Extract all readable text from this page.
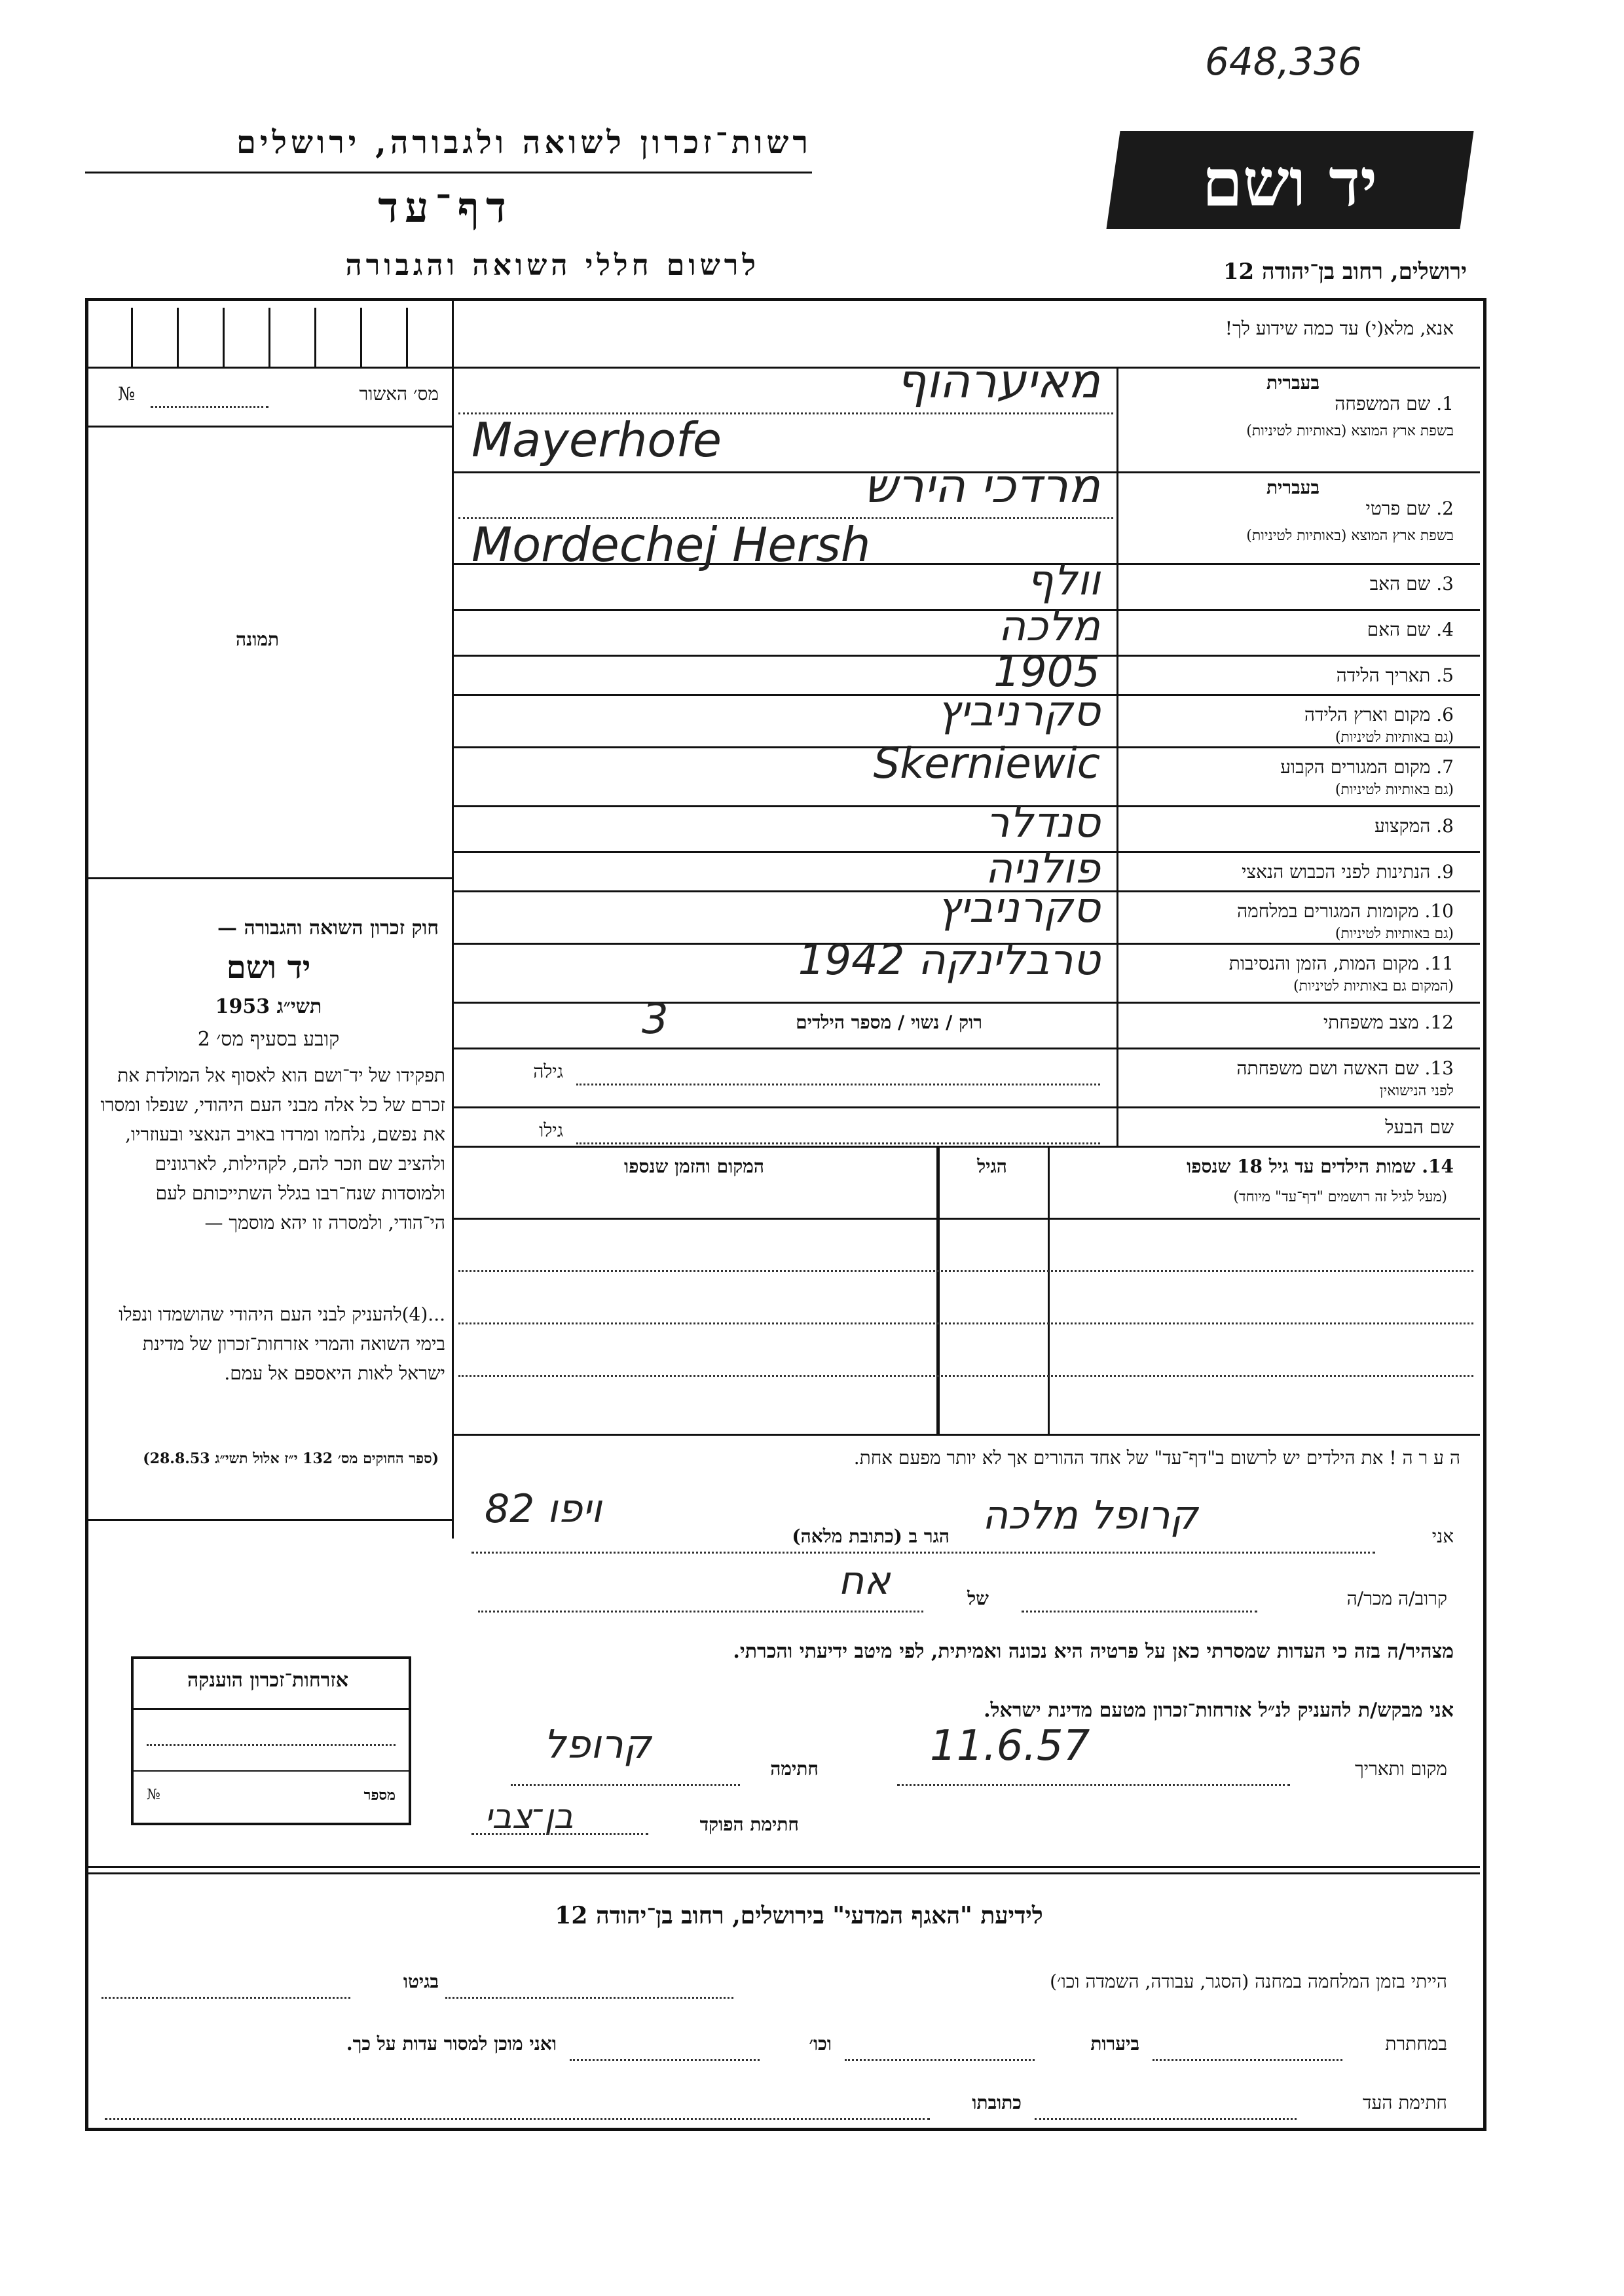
648,336
רשות־זכרון לשואה ולגבורה, ירושלים
דף־עד
לרשום חללי השואה והגבורה
יד ושם
ירושלים, רחוב בן־יהודה 12
מס׳ האשור
№
תמונה
חוק זכרון השואה והגבורה —
יד ושם
תשי״ג 1953
קובע בסעיף מס׳ 2
תפקידו של יד־ושם הוא לאסוף אל המולדת את זכרם של כל אלה מבני העם היהודי, שנפלו ומסרו את נפשם, נלחמו ומרדו באויב הנאצי ובעוזריו, ולהציב שם וזכר להם, לקהילות, לארגונים ולמוסדות שנח־רבו בגלל השתייכותם לעם הי־הודי, ולמסרה זו יהא מוסמך —
...(4)להעניק לבני העם היהודי שהושמדו ונפלו בימי השואה והמרי אזרחות־זכרון של מדינת ישראל לאות היאספם אל עמם.
(ספר החוקים מס׳ 132 י״ז אלול תשי״ג 28.8.53)
אנא, מלא(י) עד כמה שידוע לך!
1. שם המשפחה
בעברית
בשפת ארץ המוצא (באותיות לטיניות)
מאיערהוף
Mayerhofe
2. שם פרטי
בעברית
בשפת ארץ המוצא (באותיות לטיניות)
מרדכי הירש
Mordechej Hersh
3. שם האב
וולף
4. שם האם
מלכה
5. תאריך הלידה
1905
6. מקום וארץ הלידה
(גם באותיות לטיניות)
סקרניביץ
7. מקום המגורים הקבוע
(גם באותיות לטיניות)
Skerniewic
8. המקצוע
סנדלר
9. הנתינות לפני הכבוש הנאצי
פולניה
10. מקומות המגורים במלחמה
(גם באותיות לטיניות)
סקרניביץ
11. מקום המות, הזמן והנסיבות
(המקום גם באותיות לטיניות)
טרבלינקה 1942
12. מצב משפחתי
רוק / נשוי / מספר הילדים
3
13. שם האשה ושם משפחתה
לפני הנישואין
גילה
שם הבעל
גילו
14. שמות הילדים עד גיל 18 שנספו
(מעל לגיל זה רושמים "דף־עד" מיוחד)
הגיל
המקום והזמן שנספו
ה ע ר ה ! את הילדים יש לרשום ב"דף־עד" של אחד ההורים אך לא יותר מפעם אחת.
אני
קרופל מלכה
הגר ב (כתובת מלאה)
ויפו 82
קרוב/ה מכר/ה
של
אח
מצהיר/ה בזה כי העדות שמסרתי כאן על פרטיה היא נכונה ואמיתית, לפי מיטב ידיעתי והכרתי.
אני מבקש/ת להעניק לנ״ל אזרחות־זכרון מטעם מדינת ישראל.
מקום ותאריך
11.6.57
חתימה
קרופל
חתימת הפוקד
בן־צבי
אזרחות־זכרון הוענקה
מספר
№
לידיעת "האגף המדעי" בירושלים, רחוב בן־יהודה 12
הייתי בזמן המלחמה במחנה (הסגר, עבודה, השמדה וכו׳)
בגיטו
במחתרת
ביערות
וכו׳
ואני מוכן למסור עדות על כך.
חתימת העד
כתובתו
